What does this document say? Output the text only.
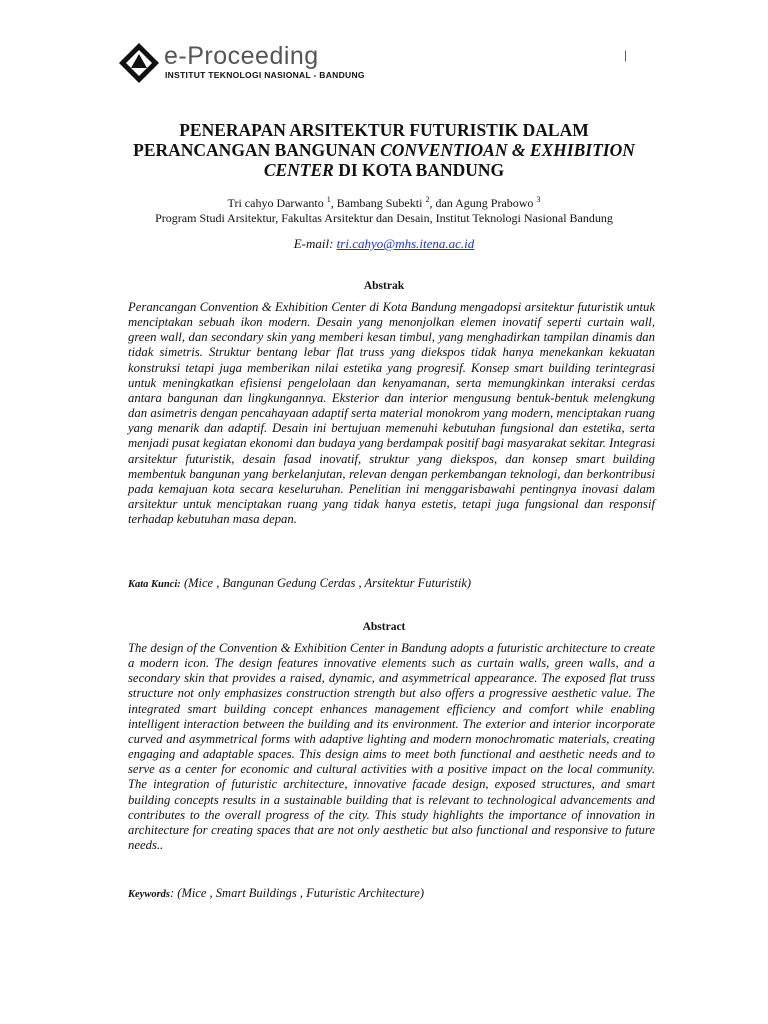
e-Proceeding
INSTITUT TEKNOLOGI NASIONAL - BANDUNG
|
PENERAPAN ARSITEKTUR FUTURISTIK DALAM
PERANCANGAN BANGUNAN CONVENTIOAN & EXHIBITION
CENTER DI KOTA BANDUNG
Tri cahyo Darwanto $^1$, Bambang Subekti $^2$, dan Agung Prabowo $^3$
Program Studi Arsitektur, Fakultas Arsitektur dan Desain, Institut Teknologi Nasional Bandung
E-mail: tri.cahyo@mhs.itena.ac.id
Abstrak

Perancangan Convention & Exhibition Center di Kota Bandung mengadopsi arsitektur futuristik untuk menciptakan sebuah ikon modern. Desain yang menonjolkan elemen inovatif seperti curtain wall, green wall, dan secondary skin yang memberi kesan timbul, yang menghadirkan tampilan dinamis dan tidak simetris. Struktur bentang lebar flat truss yang diekspos tidak hanya menekankan kekuatan konstruksi tetapi juga memberikan nilai estetika yang progresif. Konsep smart building terintegrasi untuk meningkatkan efisiensi pengelolaan dan kenyamanan, serta memungkinkan interaksi cerdas antara bangunan dan lingkungannya. Eksterior dan interior mengusung bentuk-bentuk melengkung dan asimetris dengan pencahayaan adaptif serta material monokrom yang modern, menciptakan ruang yang menarik dan adaptif. Desain ini bertujuan memenuhi kebutuhan fungsional dan estetika, serta menjadi pusat kegiatan ekonomi dan budaya yang berdampak positif bagi masyarakat sekitar. Integrasi arsitektur futuristik, desain fasad inovatif, struktur yang diekspos, dan konsep smart building membentuk bangunan yang berkelanjutan, relevan dengan perkembangan teknologi, dan berkontribusi pada kemajuan kota secara keseluruhan. Penelitian ini menggarisbawahi pentingnya inovasi dalam arsitektur untuk menciptakan ruang yang tidak hanya estetis, tetapi juga fungsional dan responsif terhadap kebutuhan masa depan.

Kata Kunci: (Mice , Bangunan Gedung Cerdas , Arsitektur Futuristik)
Abstract

The design of the Convention & Exhibition Center in Bandung adopts a futuristic architecture to create a modern icon. The design features innovative elements such as curtain walls, green walls, and a secondary skin that provides a raised, dynamic, and asymmetrical appearance. The exposed flat truss structure not only emphasizes construction strength but also offers a progressive aesthetic value. The integrated smart building concept enhances management efficiency and comfort while enabling intelligent interaction between the building and its environment. The exterior and interior incorporate curved and asymmetrical forms with adaptive lighting and modern monochromatic materials, creating engaging and adaptable spaces. This design aims to meet both functional and aesthetic needs and to serve as a center for economic and cultural activities with a positive impact on the local community. The integration of futuristic architecture, innovative facade design, exposed structures, and smart building concepts results in a sustainable building that is relevant to technological advancements and contributes to the overall progress of the city. This study highlights the importance of innovation in architecture for creating spaces that are not only aesthetic but also functional and responsive to future needs..

Keywords: (Mice , Smart Buildings , Futuristic Architecture)
